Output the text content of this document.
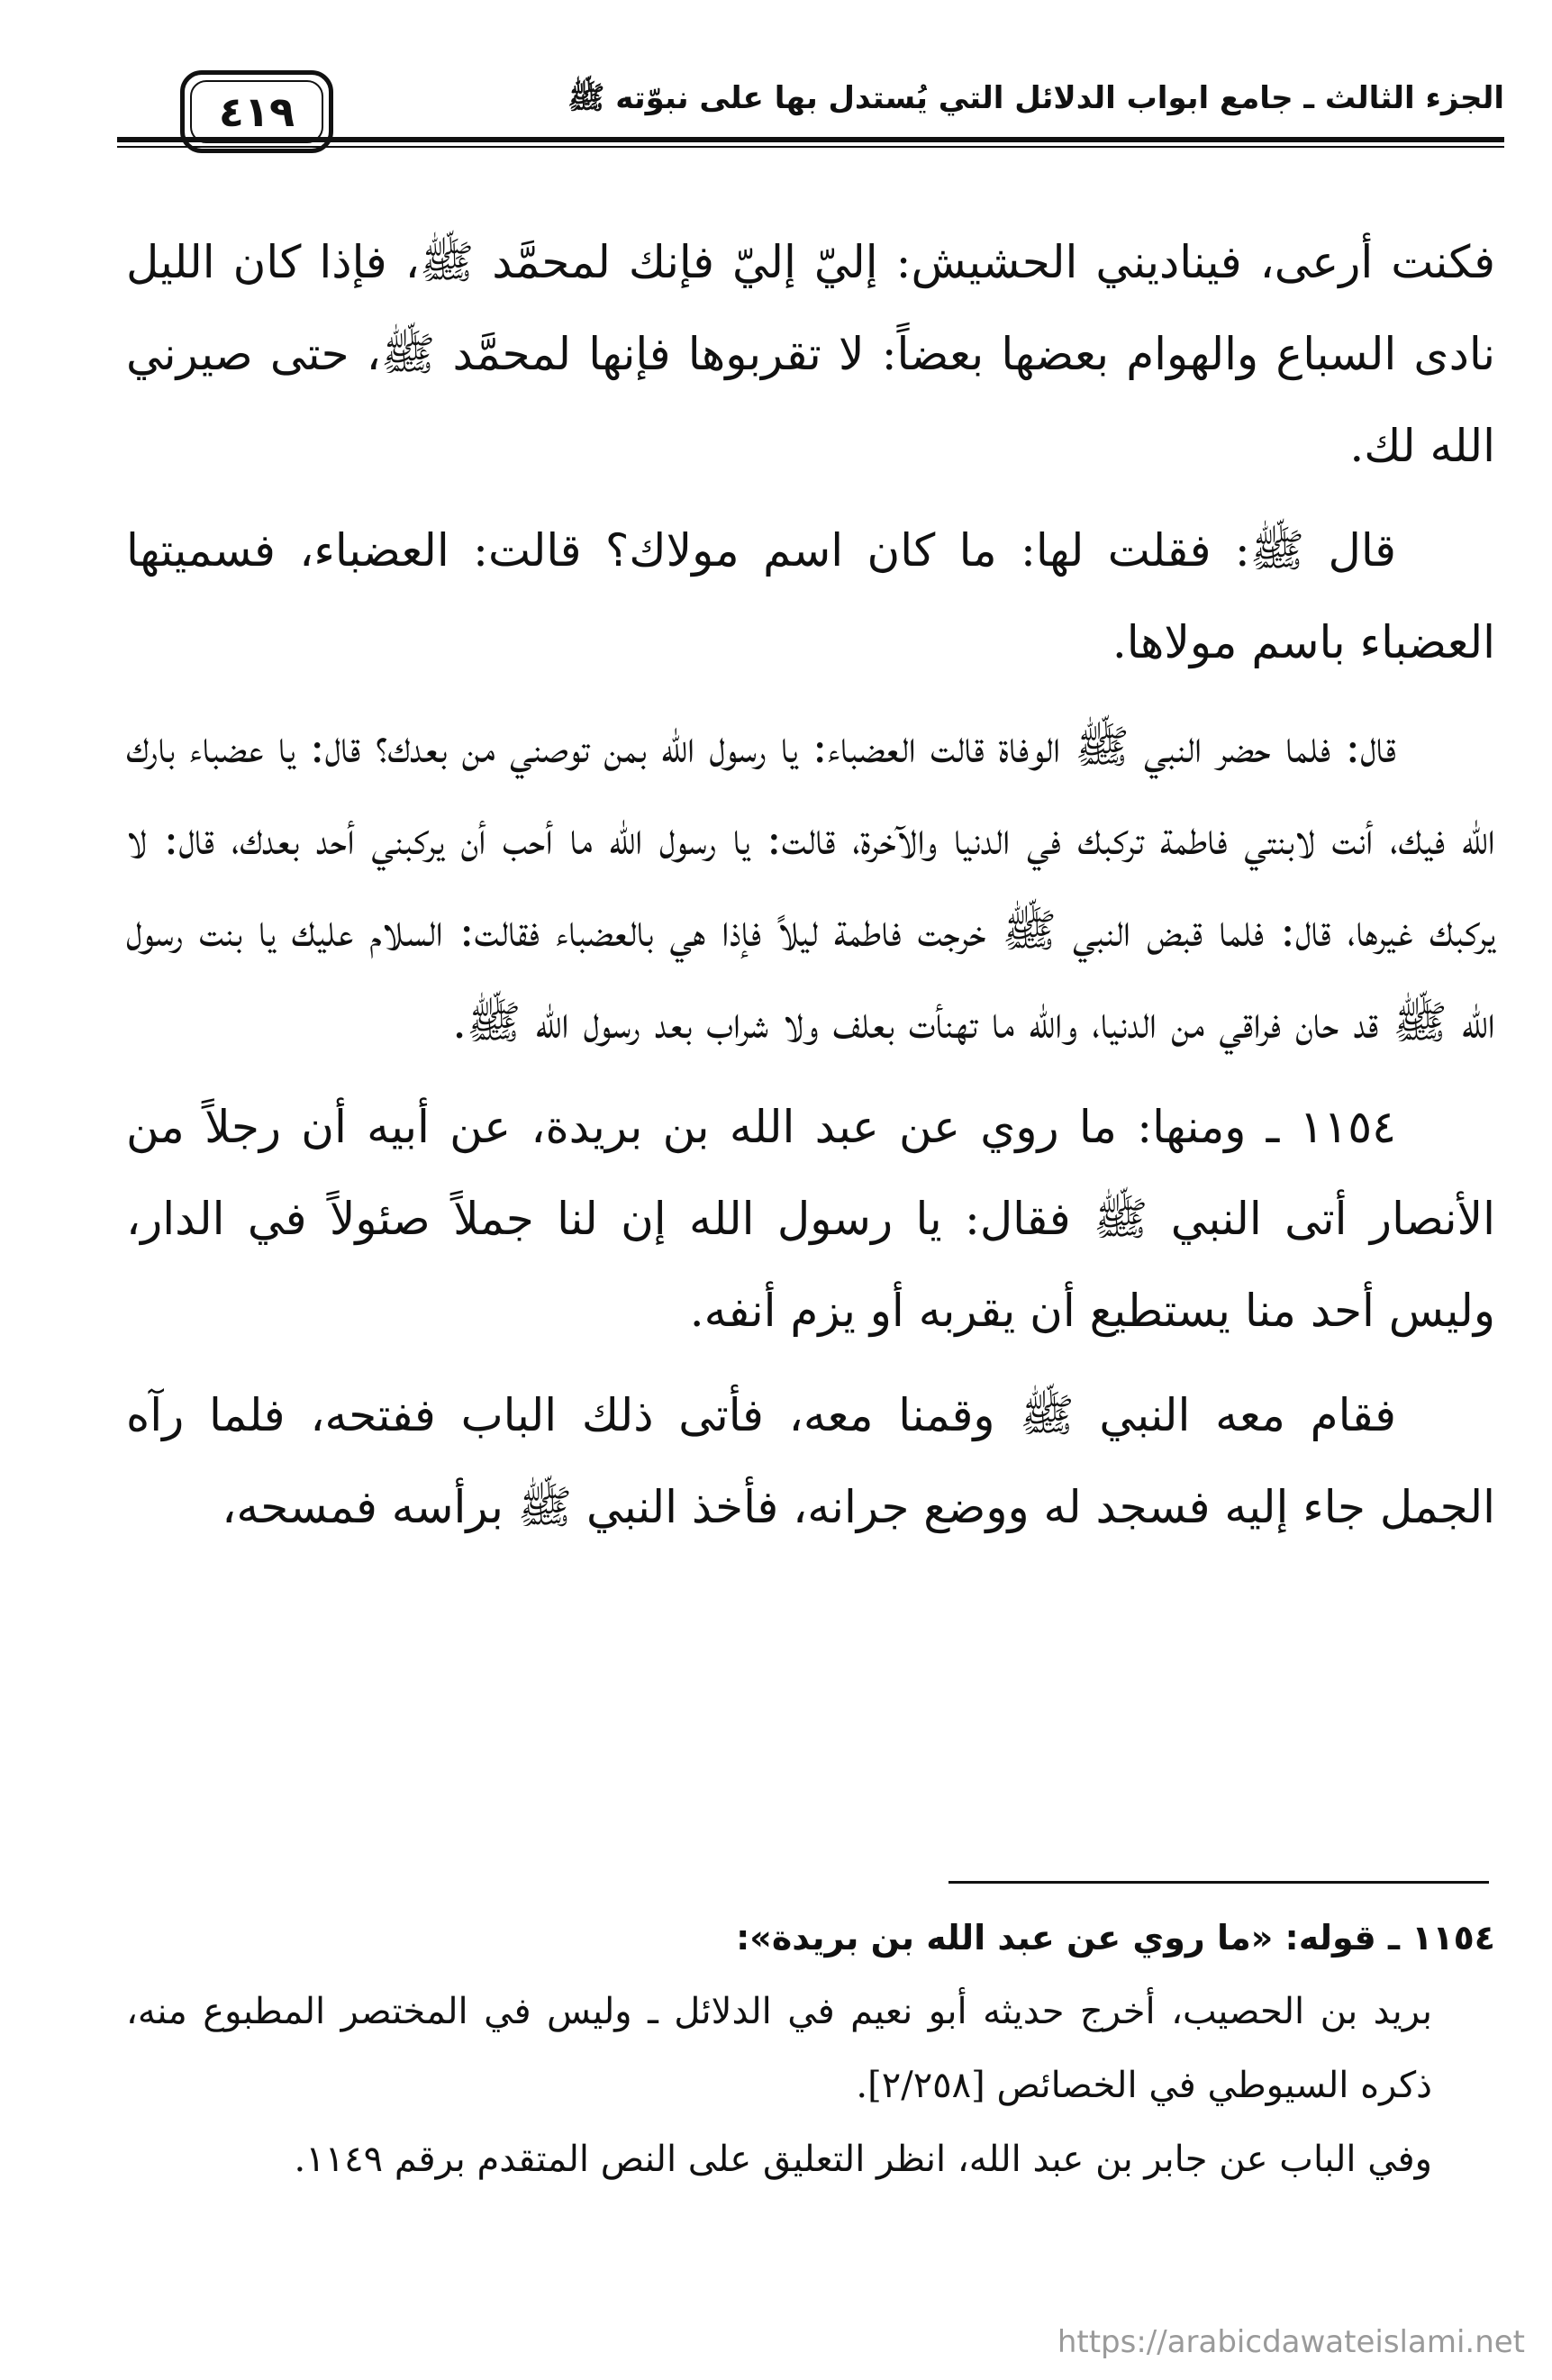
الجزء الثالث ـ جامع ابواب الدلائل التي يُستدل بها على نبوّته ﷺ
٤١٩

فكنت أرعى، فيناديني الحشيش: إليّ إليّ فإنك لمحمَّد ﷺ، فإذا كان الليل نادى السباع والهوام بعضها بعضاً: لا تقربوها فإنها لمحمَّد ﷺ، حتى صيرني الله لك.

قال ﷺ: فقلت لها: ما كان اسم مولاك؟ قالت: العضباء، فسميتها العضباء باسم مولاها.

قال: فلما حضر النبي ﷺ الوفاة قالت العضباء: يا رسول الله بمن توصني من بعدك؟ قال: يا عضباء بارك الله فيك، أنت لابنتي فاطمة تركبك في الدنيا والآخرة، قالت: يا رسول الله ما أحب أن يركبني أحد بعدك، قال: لا يركبك غيرها، قال: فلما قبض النبي ﷺ خرجت فاطمة ليلاً فإذا هي بالعضباء فقالت: السلام عليك يا بنت رسول الله ﷺ قد حان فراقي من الدنيا، والله ما تهنأت بعلف ولا شراب بعد رسول الله ﷺ.

١١٥٤ ـ ومنها: ما روي عن عبد الله بن بريدة، عن أبيه أن رجلاً من الأنصار أتى النبي ﷺ فقال: يا رسول الله إن لنا جملاً صئولاً في الدار، وليس أحد منا يستطيع أن يقربه أو يزم أنفه.

فقام معه النبي ﷺ وقمنا معه، فأتى ذلك الباب ففتحه، فلما رآه الجمل جاء إليه فسجد له ووضع جرانه، فأخذ النبي ﷺ برأسه فمسحه،

١١٥٤ ـ قوله: «ما روي عن عبد الله بن بريدة»:

بريد بن الحصيب، أخرج حديثه أبو نعيم في الدلائل ـ وليس في المختصر المطبوع منه، ذكره السيوطي في الخصائص [٢/٢٥٨].

وفي الباب عن جابر بن عبد الله، انظر التعليق على النص المتقدم برقم ١١٤٩.

https://arabicdawateislami.net
